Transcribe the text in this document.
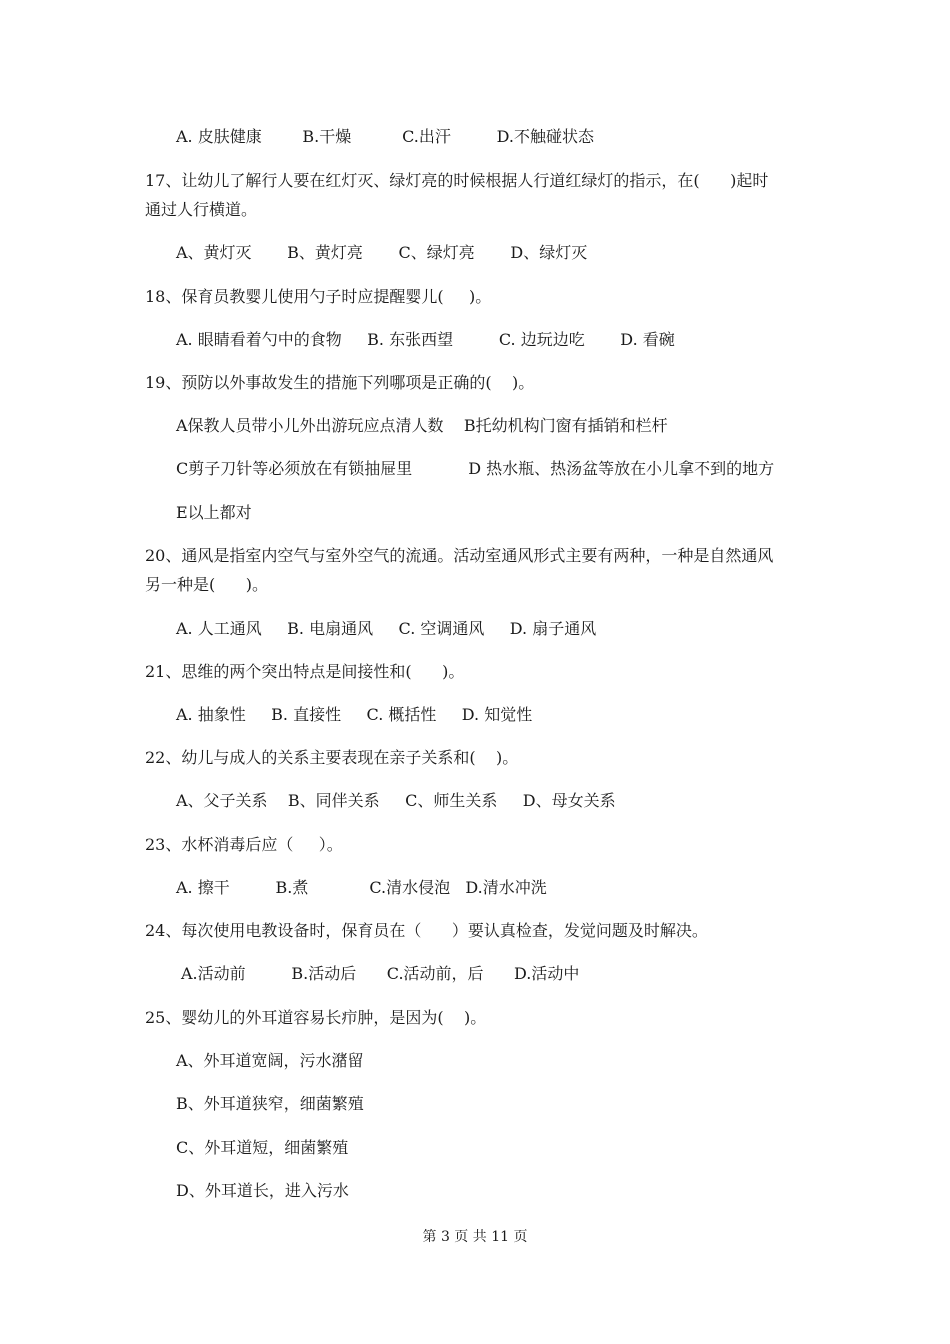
A. 皮肤健康        B.干燥          C.出汗         D.不触碰状态
17、让幼儿了解行人要在红灯灭、绿灯亮的时候根据人行道红绿灯的指示，在(      )起时
通过人行横道。
A、黄灯灭       B、黄灯亮       C、绿灯亮       D、绿灯灭
18、保育员教婴儿使用勺子时应提醒婴儿(     )。
A. 眼睛看着勺中的食物     B. 东张西望         C. 边玩边吃       D. 看碗
19、预防以外事故发生的措施下列哪项是正确的(    )。
A保教人员带小儿外出游玩应点清人数    B托幼机构门窗有插销和栏杆
C剪子刀针等必须放在有锁抽屉里           D 热水瓶、热汤盆等放在小儿拿不到的地方
E以上都对
20、通风是指室内空气与室外空气的流通。活动室通风形式主要有两种，一种是自然通风
另一种是(      )。
A. 人工通风     B. 电扇通风     C. 空调通风     D. 扇子通风
21、思维的两个突出特点是间接性和(      )。
A. 抽象性     B. 直接性     C. 概括性     D. 知觉性
22、幼儿与成人的关系主要表现在亲子关系和(    )。
A、父子关系    B、同伴关系     C、师生关系     D、母女关系
23、水杯消毒后应（     ）。
A. 擦干         B.煮            C.清水侵泡   D.清水冲洗
24、每次使用电教设备时，保育员在（      ）要认真检查，发觉问题及时解决。
A.活动前         B.活动后      C.活动前，后      D.活动中
25、婴幼儿的外耳道容易长疖肿，是因为(    )。
A、外耳道宽阔，污水潴留
B、外耳道狭窄，细菌繁殖
C、外耳道短，细菌繁殖
D、外耳道长，进入污水
第 3 页 共 11 页
